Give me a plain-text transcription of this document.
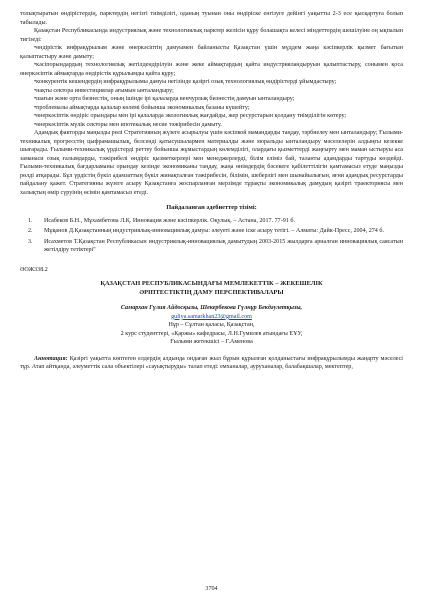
толықтыратын өндірістердің, парктердің негізгі тиімділігі, оданың туынан оны өндіріске енгізуге дейінгі уақытты 2-3 есе қысқартуға болып табылады.

Қазақстан Республикасында индустриялық және технологиялық парктер желісін құру болашақта келесі міндеттердің шешілуіне оң ықпалын тигізеді:

•өндірістік инфрақұрылым және өнеркәсіптің дамуымен байланысты Қазақстан үшін мүддем жаңа кәсіпкерлік қызмет бағытын қалыптастыру және дамыту;

•кәсіпорындардың технологиялық жетілдендірілуін және жеке аймақтардың қайта индустрияландыруын қалыптастыру, сонымен қоса өнеркәсіптік аймақтарда өндірістік құрылымды қайта құру;

•конкурентік кешендердің инфрақұрылымы дамуы негізінде қазіргі озық технологиялық өндірістерді ұйымдастыру;

•нақты сектора инвестициялар ағымын ынталандыру;

•шағын және орта бизнестің, оның ішінде ірі қалаларда венчурлық бизнестің дамуын ынталандыру;

•проблемалы аймақтарда қалалар көлемі бойынша экономикалық базаны күшейту;

•өнеркәсіптік өндіріс орындары мен ірі қалаларда экологиялық жағдайды, жер ресурстарын қолдану тиімділігін көтеру;

•өнеркәсіптік мүлік секторы мен ипотекалық несие тәжірибесін дамыту.

Адамдық факторды маңызды рөлі Стратегияның жүзеге асырылуы үшін кәсіпкой мамандарды таңдау, тәрбиелеу мен ынталандыру; Ғылыми-техникалық прогресстің цыфрамашылық, белсенді қатысушылармен материалды және моральды ынталандыру мәселелерін алдыңғы кезекке шығарады. Ғылыми-техникалық үрдістерді реттеу бойынша жұмыстардың көлемділігі, олардағы қызметтерді жаңғырту мен маман ыстыруы аса заманаси озық ғалымдарды, тәжірибелі өндіріс қызметкерлері мен менеджерлерді, білім еліміз бай, таланты адамдарды тартуды көздейді. Ғылыми-техникалық бағдарламаны орындау кезінде экономиканы таңдау, жаңа өнімдердің бәсекеге қабілеттілігін қамтамасыз етуде маңызды рөлді атқарады. Бұл үрдістің бүкіл адамзаттың бүкіл жинақталған тәжірибесін, білімін, шеберлігі мен шынайылығын, яғни адамдық ресурстарды пайдалану қажет. Стратегияны жүзеге асыру Қазақстанға жоспарланған мерзімде тұрақты экономикалық дамудың қазіргі траекториясы мен халықтың өмір сүруінің өсімін қамтамасыз етеді.

Пайдаланған әдебиеттер тізімі:
1.	Исабеков Б.Н., Мұхамбетова Л.Қ. Инновация және кәсіпкерлік. Оқулық. – Астана, 2017. 77-91 б.
2.	Мұқанов Д.Қазақстанның индустриялық-инновациялық дамуы: әлеуеті және іске асыру тетігі. – Алматы: Дайк-Пресс, 2004, 274 б.
3.	Исахметов Т.Қазақстан Республикасын индустриялық-инновациялық дамытудың 2003-2015 жылдарға арналған инновациялық саясатын жетілдіру тетіктері"
ӘОЖ338.2
ҚАЗАҚСТАН РЕСПУБЛИКАСЫНДАҒЫ МЕМЛЕКЕТТІК – ЖЕКЕШЕЛІК
ӘРІПТЕСТІКТІҢ ДАМУ ПЕРСПЕКТИВАЛАРЫ
Самархан Гүлия Айдосқызы, Шекербекова Гүлнұр Бекдәулетқызы,
guliya.samarkhan23@gmail.com
Нұр – Сұлтан қаласы, Қазақстан,
2 курс студенттері, «Қаржы» кафедрасы, Л.Н.Гумилев атындағы ЕҰУ,
Ғылыми жетекшісі – Г.Аменова

Аннотация: Қазіргі уақытта көптеген елдердің алдында ондаған жыл бұрын құрылған қолданыстағы инфрақұрылымды жаңарту мәселесі тұр. Атап айтқанда, әлеуметтік сала объектілері «сауықтыруды» талап етеді: емханалар, ауруханалар, балабақшалар, мектептер,

3704
